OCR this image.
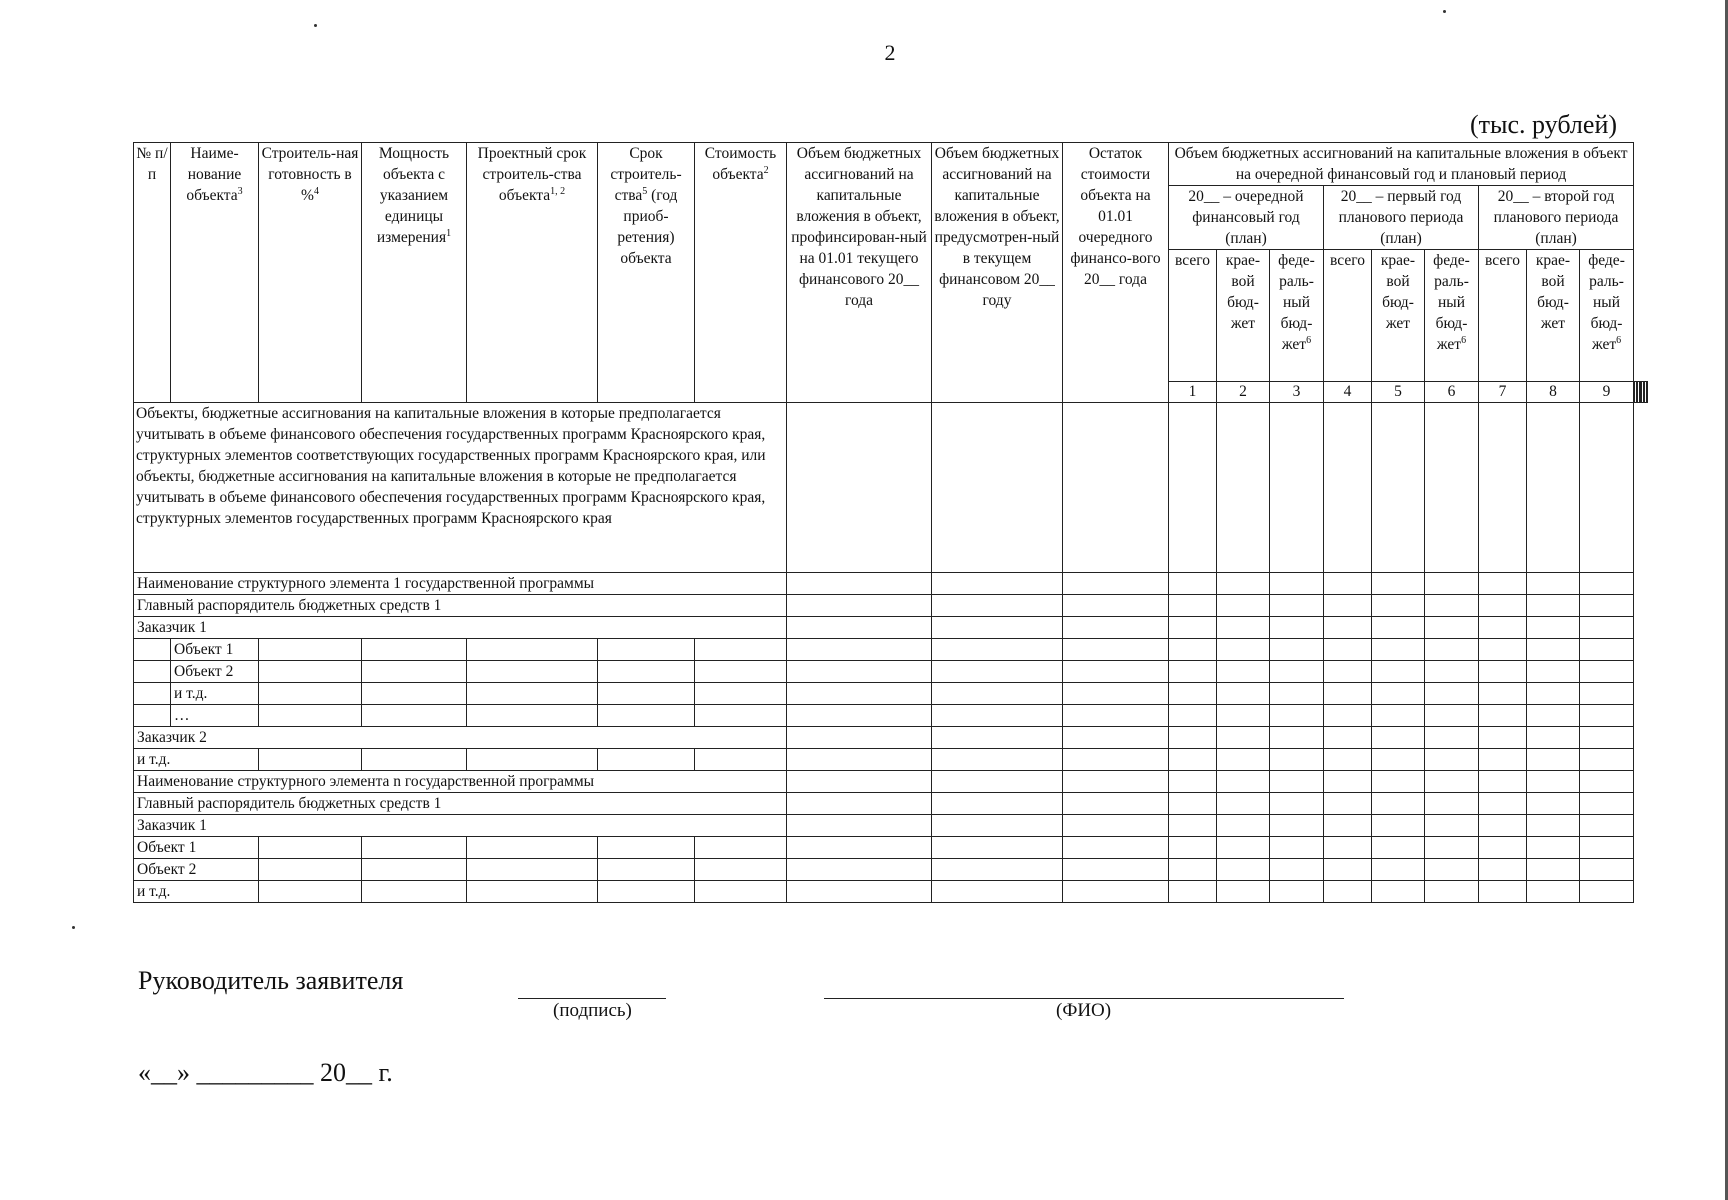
2
(тыс. рублей)
№ п/п	Наиме-нование объекта$^3$	Строитель-ная готовность в %$^4$	Мощность объекта с указанием единицы измерения$^1$	Проектный срок строитель-ства объекта$^{1, 2}$	Срок строитель-ства$^5$ (год приоб-ретения) объекта	Стоимость объекта$^2$	Объем бюджетных ассигнований на капитальные вложения в объект, профинсирован-ный на 01.01 текущего финансового 20__ года	Объем бюджетных ассигнований на капитальные вложения в объект, предусмотрен-ный в текущем финансовом 20__ году	Остаток стоимости объекта на 01.01 очередного финансо-вого 20__ года	Объем бюджетных ассигнований на капитальные вложения в объект на очередной финансовый год и плановый период														
										20__ – очередной финансовый год (план)			20__ – первый год планового периода (план)			20__ – второй год планового периода (план)								
										всего	крае-вой бюд-жет	феде-раль-ный бюд-жет$^6$	всего	крае-вой бюд-жет	феде-раль-ный бюд-жет$^6$	всего	крае-вой бюд-жет	феде-раль-ный бюд-жет$^6$
										1	2	3	4	5	6	7	8	9										
Объекты, бюджетные ассигнования на капитальные вложения в которые предполагается учитывать в объеме финансового обеспечения государственных программ Красноярского края, структурных элементов соответствующих государственных программ Красноярского края, или объекты, бюджетные ассигнования на капитальные вложения в которые не предполагается учитывать в объеме финансового обеспечения государственных программ Красноярского края, структурных элементов государственных программ Красноярского края																								
Наименование структурного элемента 1 государственной программы																								
Главный распорядитель бюджетных средств 1																								
Заказчик 1																								
	Объект 1																							
	Объект 2																							
	и т.д.																							
	…																							
Заказчик 2																								
и т.д.																								
Наименование структурного элемента n государственной программы																								
Главный распорядитель бюджетных средств 1																								
Заказчик 1																								
Объект 1																								
Объект 2																								
и т.д.																								
Руководитель заявителя
(подпись)	(ФИО)
«__» _________ 20__ г.
